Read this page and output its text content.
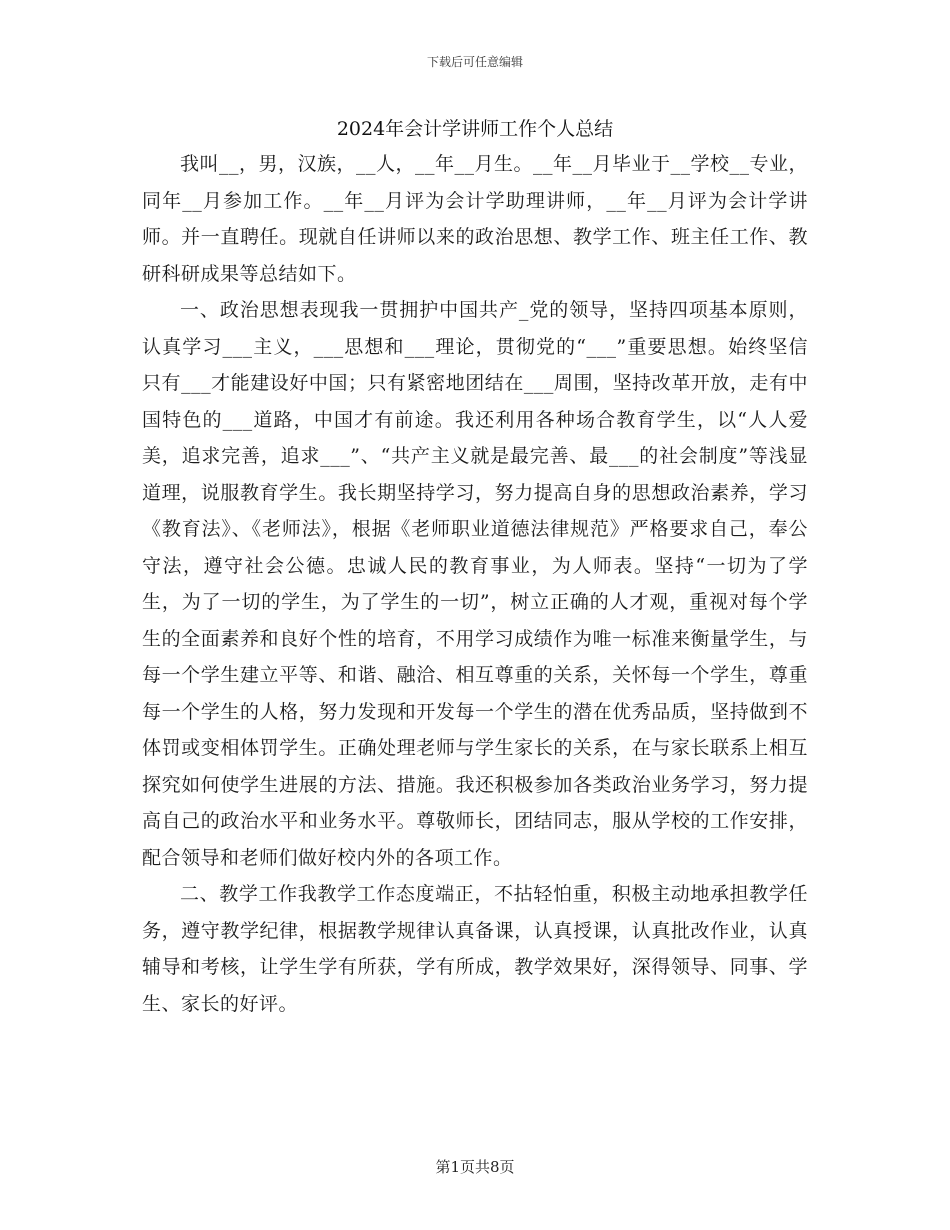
下载后可任意编辑
2024年会计学讲师工作个人总结

我叫__，男，汉族，__人，__年__月生。__年__月毕业于__学校__专业，同年__月参加工作。__年__月评为会计学助理讲师，__年__月评为会计学讲师。并一直聘任。现就自任讲师以来的政治思想、教学工作、班主任工作、教研科研成果等总结如下。

一、政治思想表现我一贯拥护中国共产_党的领导，坚持四项基本原则，认真学习___主义，___思想和___理论，贯彻党的“___”重要思想。始终坚信只有___才能建设好中国；只有紧密地团结在___周围，坚持改革开放，走有中国特色的___道路，中国才有前途。我还利用各种场合教育学生，以“人人爱美，追求完善，追求___”、“共产主义就是最完善、最___的社会制度”等浅显道理，说服教育学生。我长期坚持学习，努力提高自身的思想政治素养，学习《教育法》、《老师法》，根据《老师职业道德法律规范》严格要求自己，奉公守法，遵守社会公德。忠诚人民的教育事业，为人师表。坚持“一切为了学生，为了一切的学生，为了学生的一切”，树立正确的人才观，重视对每个学生的全面素养和良好个性的培育，不用学习成绩作为唯一标准来衡量学生，与每一个学生建立平等、和谐、融洽、相互尊重的关系，关怀每一个学生，尊重每一个学生的人格，努力发现和开发每一个学生的潜在优秀品质，坚持做到不体罚或变相体罚学生。正确处理老师与学生家长的关系，在与家长联系上相互探究如何使学生进展的方法、措施。我还积极参加各类政治业务学习，努力提高自己的政治水平和业务水平。尊敬师长，团结同志，服从学校的工作安排，配合领导和老师们做好校内外的各项工作。

二、教学工作我教学工作态度端正，不拈轻怕重，积极主动地承担教学任务，遵守教学纪律，根据教学规律认真备课，认真授课，认真批改作业，认真辅导和考核，让学生学有所获，学有所成，教学效果好，深得领导、同事、学生、家长的好评。

第1页共8页
